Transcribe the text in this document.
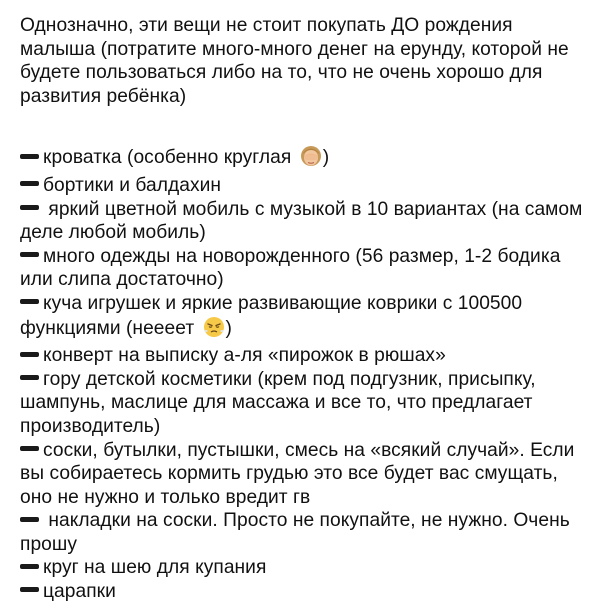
Однозначно, эти вещи не стоит покупать ДО рождения малыша (потратите много-много денег на ерунду, которой не будете пользоваться либо на то, что не очень хорошо для развития ребёнка)

кроватка (особенно круглая )

бортики и балдахин

яркий цветной мобиль с музыкой в 10 вариантах (на самом деле любой мобиль)

много одежды на новорожденного (56 размер, 1-2 бодика или слипа достаточно)

куча игрушек и яркие развивающие коврики с 100500 функциями (неееет )

конверт на выписку а-ля «пирожок в рюшах»

гору детской косметики (крем под подгузник, присыпку, шампунь, маслице для массажа и все то, что предлагает производитель)

соски, бутылки, пустышки, смесь на «всякий случай». Если вы собираетесь кормить грудью это все будет вас смущать, оно не нужно и только вредит гв

накладки на соски. Просто не покупайте, не нужно. Очень прошу

круг на шею для купания

царапки
